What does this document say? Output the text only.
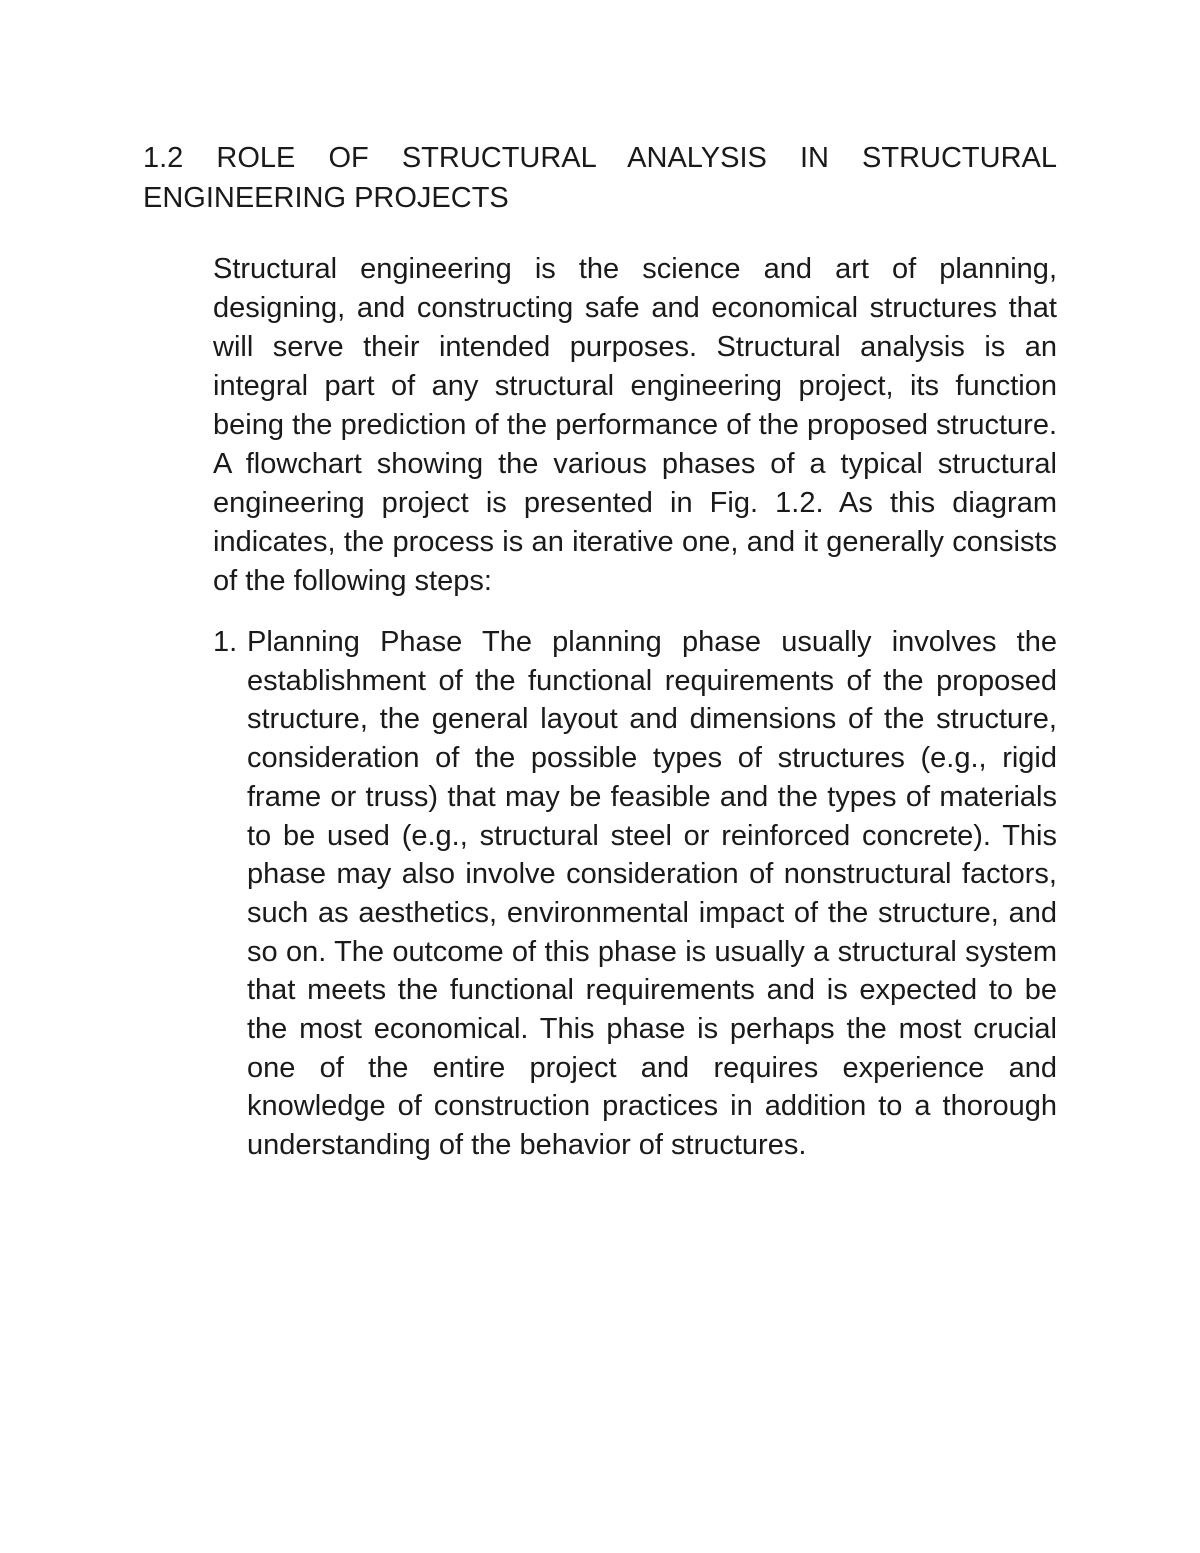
1.2 ROLE OF STRUCTURAL ANALYSIS IN STRUCTURAL ENGINEERING PROJECTS

Structural engineering is the science and art of planning, designing, and constructing safe and economical structures that will serve their intended purposes. Structural analysis is an integral part of any structural engineering project, its function being the prediction of the performance of the proposed structure. A flowchart showing the various phases of a typical structural engineering project is presented in Fig. 1.2. As this diagram indicates, the process is an iterative one, and it generally consists of the following steps:

1. Planning Phase The planning phase usually involves the establishment of the functional requirements of the proposed structure, the general layout and dimensions of the structure, consideration of the possible types of structures (e.g., rigid frame or truss) that may be feasible and the types of materials to be used (e.g., structural steel or reinforced concrete). This phase may also involve consideration of nonstructural factors, such as aesthetics, environmental impact of the structure, and so on. The outcome of this phase is usually a structural system that meets the functional requirements and is expected to be the most economical. This phase is perhaps the most crucial one of the entire project and requires experience and knowledge of construction practices in addition to a thorough understanding of the behavior of structures.
